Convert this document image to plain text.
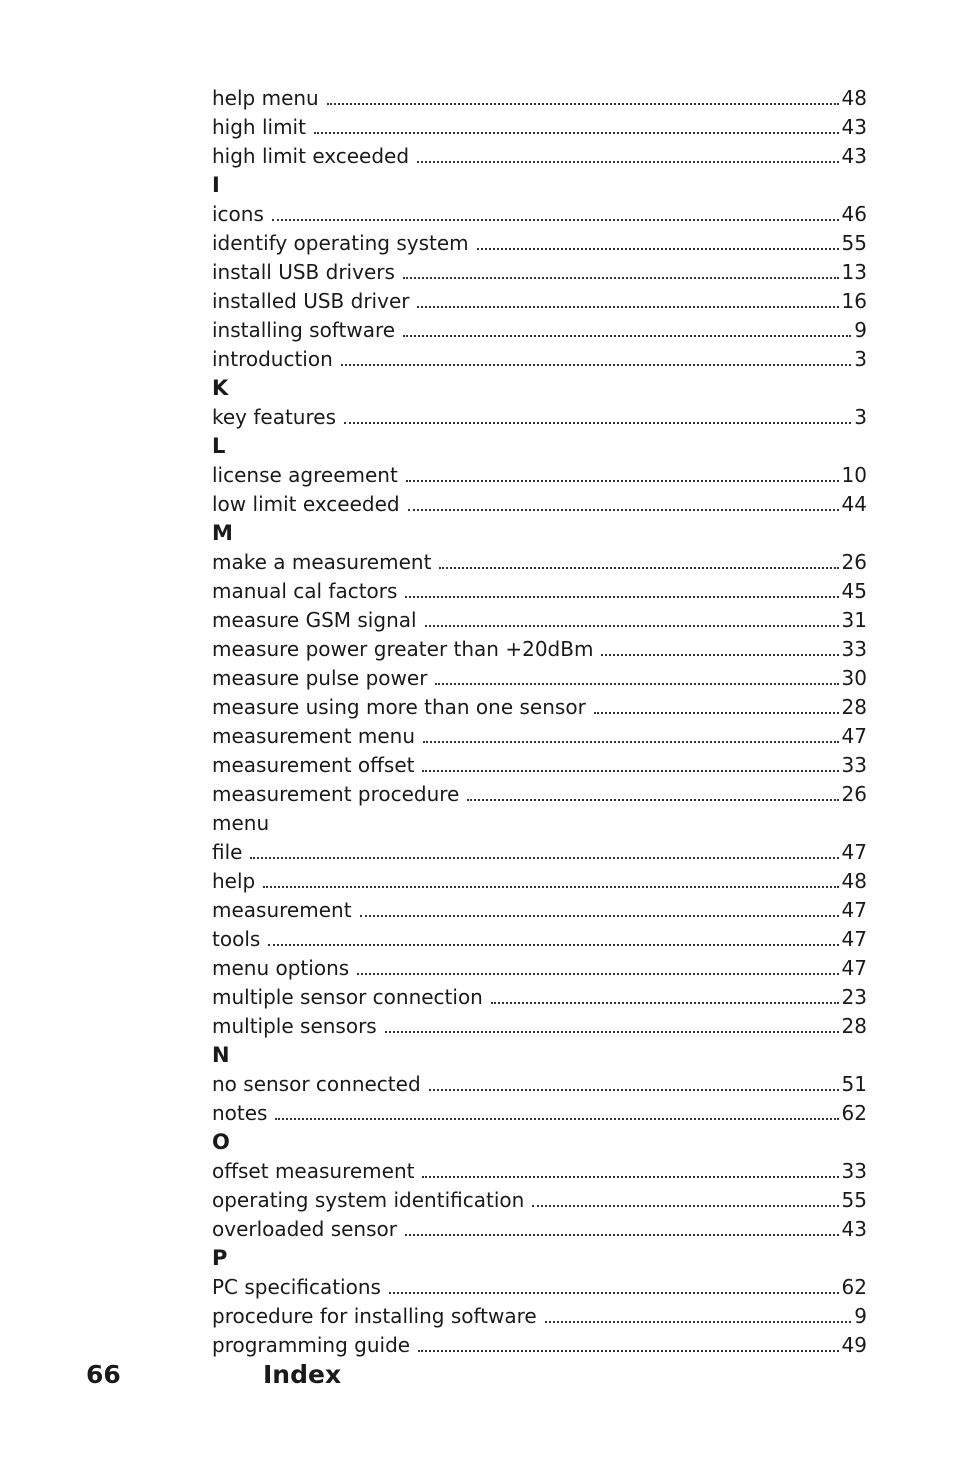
help menu	48
high limit	43
high limit exceeded	43
I
icons	46
identify operating system	55
install USB drivers	13
installed USB driver	16
installing software	9
introduction	3
K
key features	3
L
license agreement	10
low limit exceeded	44
M
make a measurement	26
manual cal factors	45
measure GSM signal	31
measure power greater than +20dBm	33
measure pulse power	30
measure using more than one sensor	28
measurement menu	47
measurement offset	33
measurement procedure	26
menu
file	47
help	48
measurement	47
tools	47
menu options	47
multiple sensor connection	23
multiple sensors	28
N
no sensor connected	51
notes	62
O
offset measurement	33
operating system identification	55
overloaded sensor	43
P
PC specifications	62
procedure for installing software	9
programming guide	49
66	Index
